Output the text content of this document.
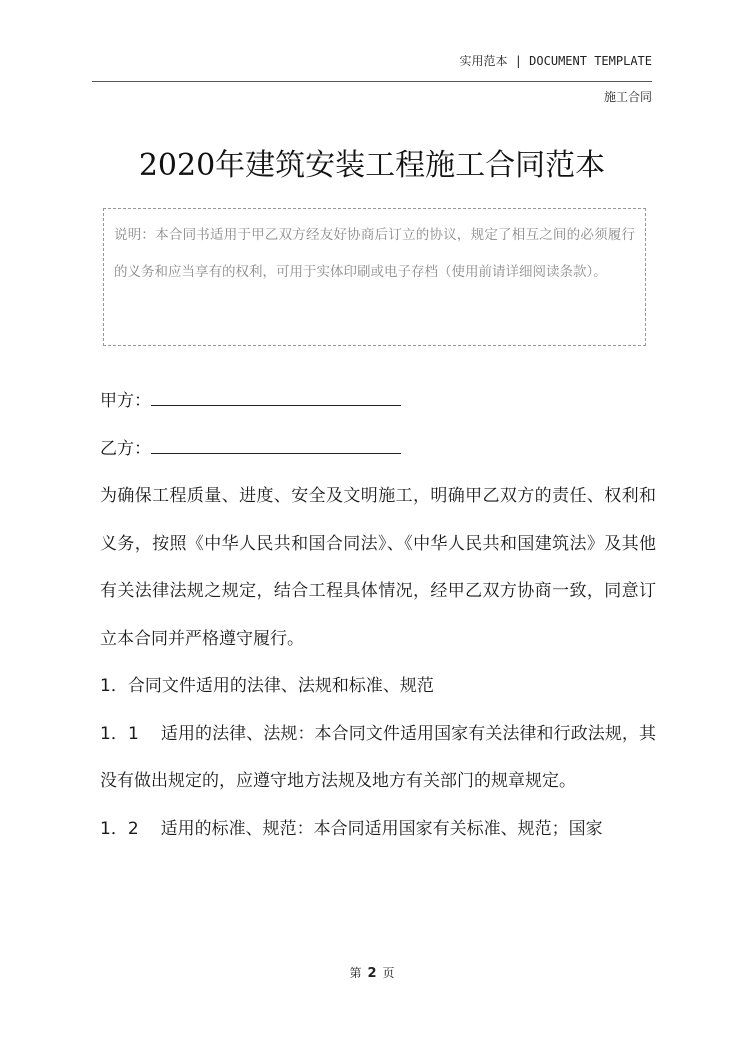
实用范本 | DOCUMENT TEMPLATE
施工合同
2020年建筑安装工程施工合同范本
说明：本合同书适用于甲乙双方经友好协商后订立的协议，规定了相互之间的必须履行的义务和应当享有的权利，可用于实体印刷或电子存档（使用前请详细阅读条款）。

甲方：

乙方：

为确保工程质量、进度、安全及文明施工，明确甲乙双方的责任、权利和义务，按照《中华人民共和国合同法》、《中华人民共和国建筑法》及其他有关法律法规之规定，结合工程具体情况，经甲乙双方协商一致，同意订立本合同并严格遵守履行。

1．合同文件适用的法律、法规和标准、规范

1．1 适用的法律、法规：本合同文件适用国家有关法律和行政法规，其没有做出规定的，应遵守地方法规及地方有关部门的规章规定。

1．2 适用的标准、规范：本合同适用国家有关标准、规范；国家

第 2 页
